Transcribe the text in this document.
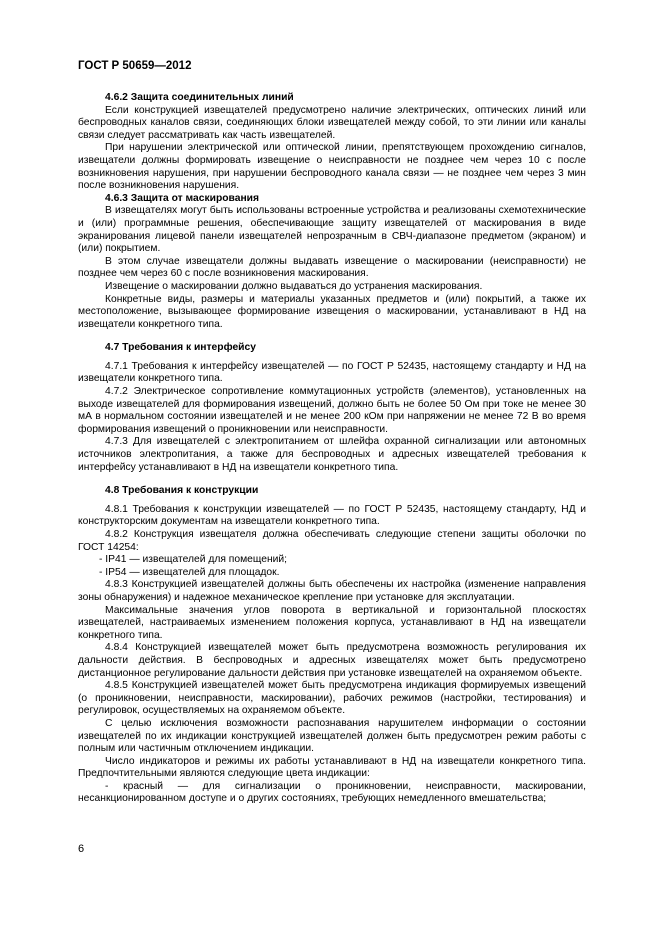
ГОСТ Р 50659—2012

4.6.2 Защита соединительных линий

Если конструкцией извещателей предусмотрено наличие электрических, оптических линий или беспроводных каналов связи, соединяющих блоки извещателей между собой, то эти линии или каналы связи следует рассматривать как часть извещателей.

При нарушении электрической или оптической линии, препятствующем прохождению сигналов, извещатели должны формировать извещение о неисправности не позднее чем через 10 с после возникновения нарушения, при нарушении беспроводного канала связи — не позднее чем через 3 мин после возникновения нарушения.

4.6.3 Защита от маскирования

В извещателях могут быть использованы встроенные устройства и реализованы схемотехнические и (или) программные решения, обеспечивающие защиту извещателей от маскирования в виде экранирования лицевой панели извещателей непрозрачным в СВЧ-диапазоне предметом (экраном) и (или) покрытием.

В этом случае извещатели должны выдавать извещение о маскировании (неисправности) не позднее чем через 60 с после возникновения маскирования.

Извещение о маскировании должно выдаваться до устранения маскирования.

Конкретные виды, размеры и материалы указанных предметов и (или) покрытий, а также их местоположение, вызывающее формирование извещения о маскировании, устанавливают в НД на извещатели конкретного типа.

4.7 Требования к интерфейсу

4.7.1 Требования к интерфейсу извещателей — по ГОСТ Р 52435, настоящему стандарту и НД на извещатели конкретного типа.

4.7.2 Электрическое сопротивление коммутационных устройств (элементов), установленных на выходе извещателей для формирования извещений, должно быть не более 50 Ом при токе не менее 30 мА в нормальном состоянии извещателей и не менее 200 кОм при напряжении не менее 72 В во время формирования извещений о проникновении или неисправности.

4.7.3 Для извещателей с электропитанием от шлейфа охранной сигнализации или автономных источников электропитания, а также для беспроводных и адресных извещателей требования к интерфейсу устанавливают в НД на извещатели конкретного типа.

4.8 Требования к конструкции

4.8.1 Требования к конструкции извещателей — по ГОСТ Р 52435, настоящему стандарту, НД и конструкторским документам на извещатели конкретного типа.

4.8.2 Конструкция извещателя должна обеспечивать следующие степени защиты оболочки по ГОСТ 14254:

- IP41 — извещателей для помещений;

- IP54 — извещателей для площадок.

4.8.3 Конструкцией извещателей должны быть обеспечены их настройка (изменение направления зоны обнаружения) и надежное механическое крепление при установке для эксплуатации.

Максимальные значения углов поворота в вертикальной и горизонтальной плоскостях извещателей, настраиваемых изменением положения корпуса, устанавливают в НД на извещатели конкретного типа.

4.8.4 Конструкцией извещателей может быть предусмотрена возможность регулирования их дальности действия. В беспроводных и адресных извещателях может быть предусмотрено дистанционное регулирование дальности действия при установке извещателей на охраняемом объекте.

4.8.5 Конструкцией извещателей может быть предусмотрена индикация формируемых извещений (о проникновении, неисправности, маскировании), рабочих режимов (настройки, тестирования) и регулировок, осуществляемых на охраняемом объекте.

С целью исключения возможности распознавания нарушителем информации о состоянии извещателей по их индикации конструкцией извещателей должен быть предусмотрен режим работы с полным или частичным отключением индикации.

Число индикаторов и режимы их работы устанавливают в НД на извещатели конкретного типа. Предпочтительными являются следующие цвета индикации:

- красный — для сигнализации о проникновении, неисправности, маскировании, несанкционированном доступе и о других состояниях, требующих немедленного вмешательства;

6
